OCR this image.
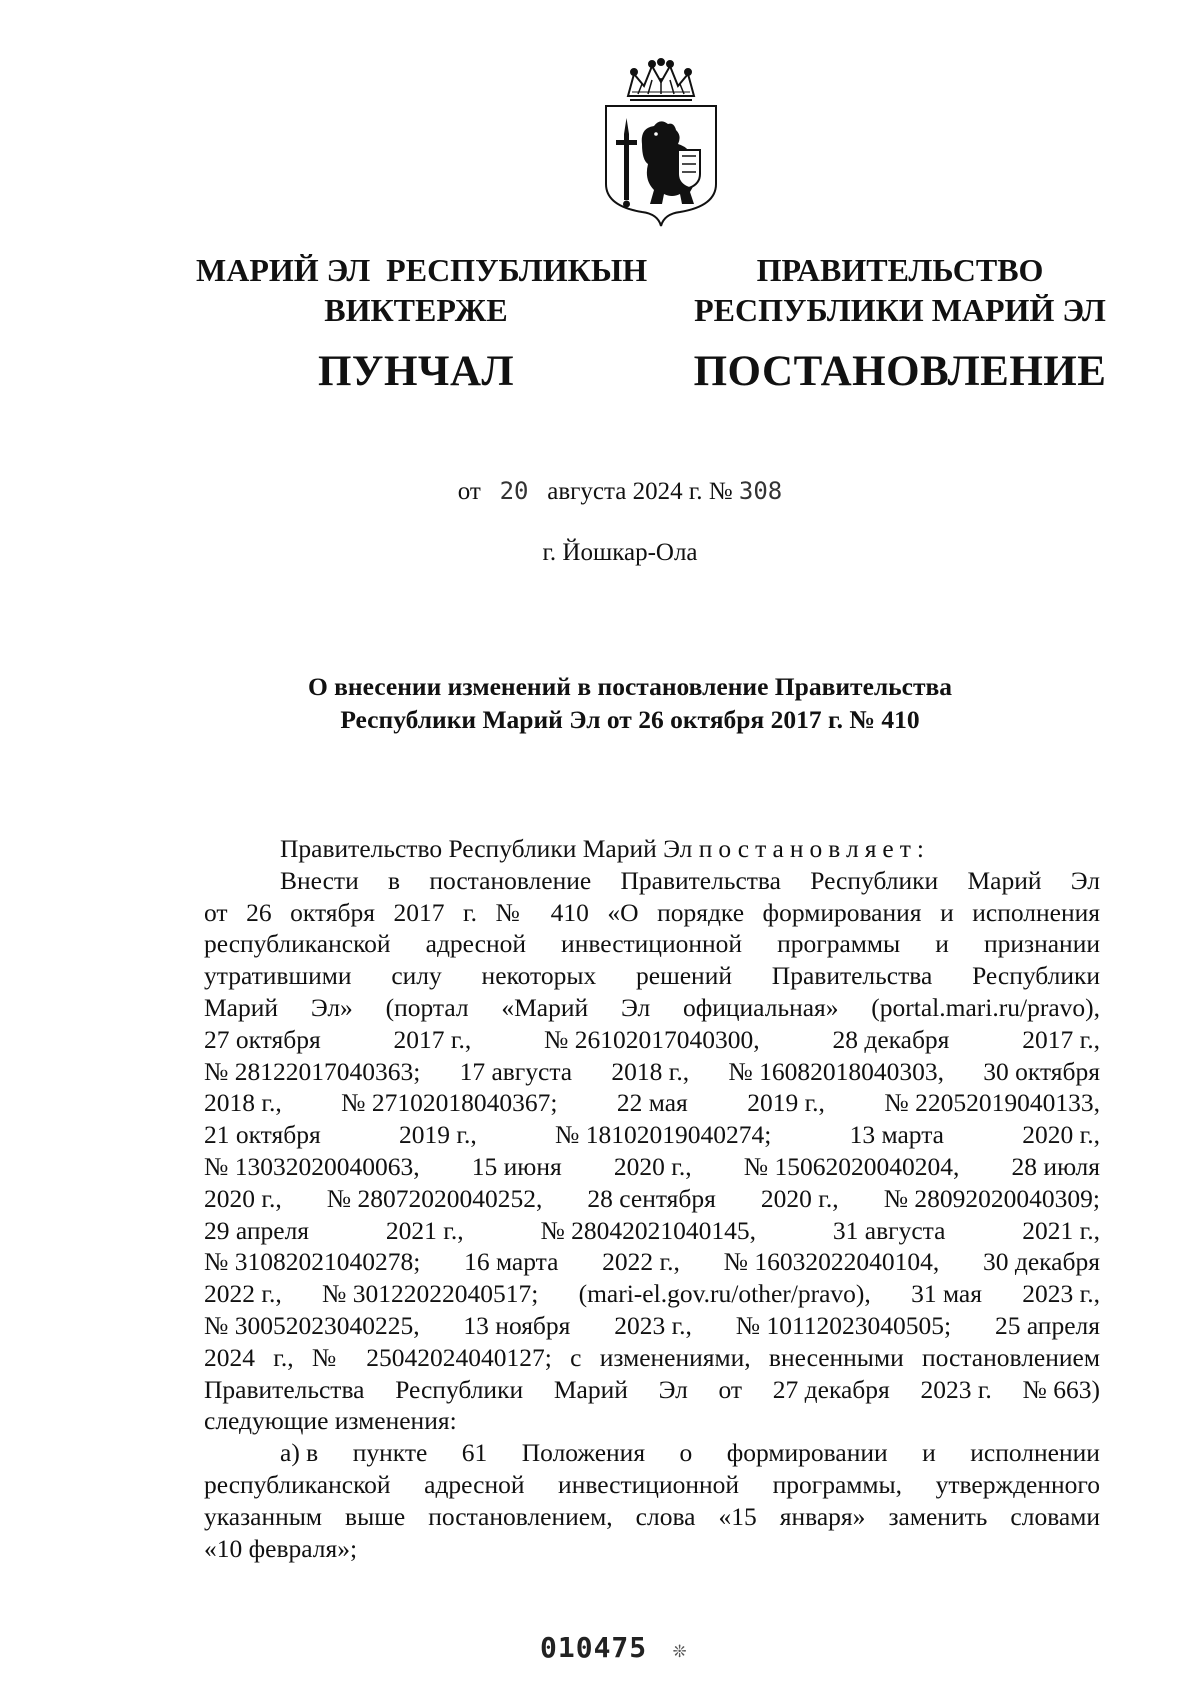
МАРИЙ ЭЛ  РЕСПУБЛИКЫН
ВИКТЕРЖЕ
ПУНЧАЛ
ПРАВИТЕЛЬСТВО
РЕСПУБЛИКИ МАРИЙ ЭЛ
ПОСТАНОВЛЕНИЕ
от 20 августа 2024 г. № 308
г. Йошкар-Ола
О внесении изменений в постановление Правительства
Республики Марий Эл от 26 октября 2017 г. № 410
Правительство Республики Марий Эл постановляет:
Внести в постановление Правительства Республики Марий Эл
от 26 октября 2017 г. № 410 «О порядке формирования и исполнения
республиканской адресной инвестиционной программы и признании
утратившими силу некоторых решений Правительства Республики
Марий Эл» (портал «Марий Эл официальная» (portal.mari.ru/pravo),
27 октября	2017 г.,	№ 26102017040300,	28 декабря	2017 г.,
№ 28122017040363; 17 августа 2018 г., № 16082018040303, 30 октября
2018 г., № 27102018040367; 22 мая 2019 г., № 22052019040133,
21 октября	2019 г.,	№ 18102019040274;	13 марта	2020 г.,
№ 13032020040063, 15 июня 2020 г., № 15062020040204, 28 июля
2020 г., № 28072020040252, 28 сентября 2020 г., № 28092020040309;
29 апреля	2021 г.,	№ 28042021040145,	31 августа	2021 г.,
№ 31082021040278; 16 марта 2022 г., № 16032022040104, 30 декабря
2022 г., № 30122022040517; (mari-el.gov.ru/other/pravo), 31 мая 2023 г.,
№ 30052023040225, 13 ноября 2023 г., № 10112023040505; 25 апреля
2024 г., № 25042024040127; с изменениями, внесенными постановлением
Правительства Республики Марий Эл от 27 декабря 2023 г. № 663)
следующие изменения:
а) в пункте 61 Положения о формировании и исполнении
республиканской адресной инвестиционной программы, утвержденного
указанным выше постановлением, слова «15 января» заменить словами
«10 февраля»;
010475 ❊
